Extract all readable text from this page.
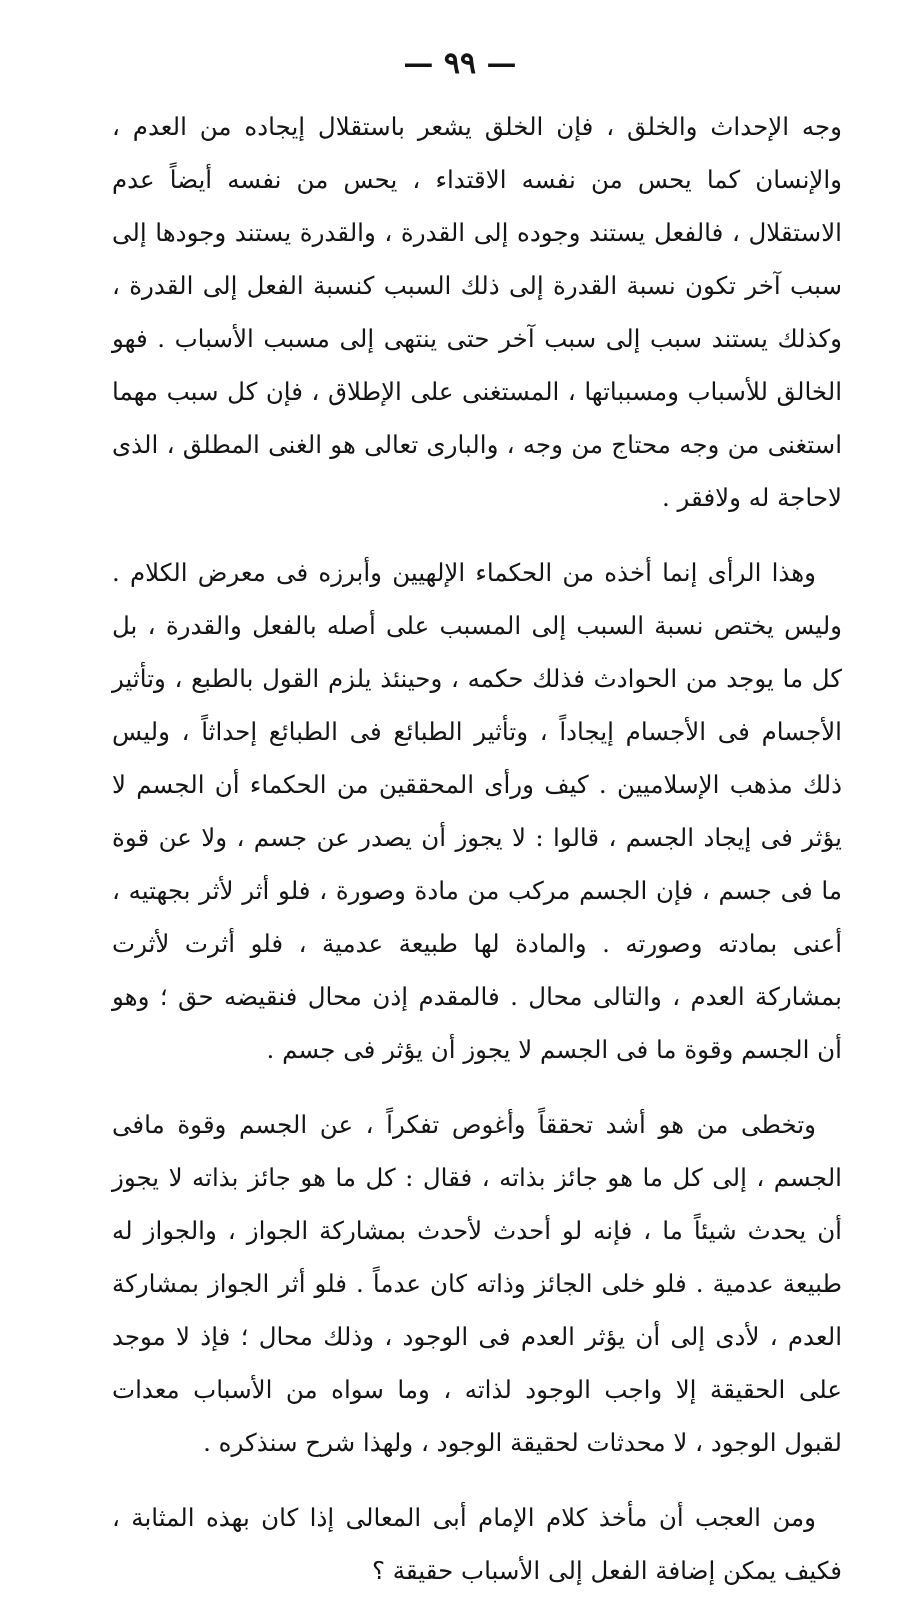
— ٩٩ —

وجه الإحداث والخلق ، فإن الخلق يشعر باستقلال إيجاده من العدم ، والإنسان كما يحس من نفسه الاقتداء ، يحس من نفسه أيضاً عدم الاستقلال ، فالفعل يستند وجوده إلى القدرة ، والقدرة يستند وجودها إلى سبب آخر تكون نسبة القدرة إلى ذلك السبب كنسبة الفعل إلى القدرة ، وكذلك يستند سبب إلى سبب آخر حتى ينتهى إلى مسبب الأسباب . فهو الخالق للأسباب ومسبباتها ، المستغنى على الإطلاق ، فإن كل سبب مهما استغنى من وجه محتاج من وجه ، والبارى تعالى هو الغنى المطلق ، الذى لاحاجة له ولافقر .

وهذا الرأى إنما أخذه من الحكماء الإلهيين وأبرزه فى معرض الكلام . وليس يختص نسبة السبب إلى المسبب على أصله بالفعل والقدرة ، بل كل ما يوجد من الحوادث فذلك حكمه ، وحينئذ يلزم القول بالطبع ، وتأثير الأجسام فى الأجسام إيجاداً ، وتأثير الطبائع فى الطبائع إحداثاً ، وليس ذلك مذهب الإسلاميين . كيف ورأى المحققين من الحكماء أن الجسم لا يؤثر فى إيجاد الجسم ، قالوا : لا يجوز أن يصدر عن جسم ، ولا عن قوة ما فى جسم ، فإن الجسم مركب من مادة وصورة ، فلو أثر لأثر بجهتيه ، أعنى بمادته وصورته . والمادة لها طبيعة عدمية ، فلو أثرت لأثرت بمشاركة العدم ، والتالى محال . فالمقدم إذن محال فنقيضه حق ؛ وهو أن الجسم وقوة ما فى الجسم لا يجوز أن يؤثر فى جسم .

وتخطى من هو أشد تحققاً وأغوص تفكراً ، عن الجسم وقوة مافى الجسم ، إلى كل ما هو جائز بذاته ، فقال : كل ما هو جائز بذاته لا يجوز أن يحدث شيئاً ما ، فإنه لو أحدث لأحدث بمشاركة الجواز ، والجواز له طبيعة عدمية . فلو خلى الجائز وذاته كان عدماً . فلو أثر الجواز بمشاركة العدم ، لأدى إلى أن يؤثر العدم فى الوجود ، وذلك محال ؛ فإذ لا موجد على الحقيقة إلا واجب الوجود لذاته ، وما سواه من الأسباب معدات لقبول الوجود ، لا محدثات لحقيقة الوجود ، ولهذا شرح سنذكره .

ومن العجب أن مأخذ كلام الإمام أبى المعالى إذا كان بهذه المثابة ، فكيف يمكن إضافة الفعل إلى الأسباب حقيقة ؟
